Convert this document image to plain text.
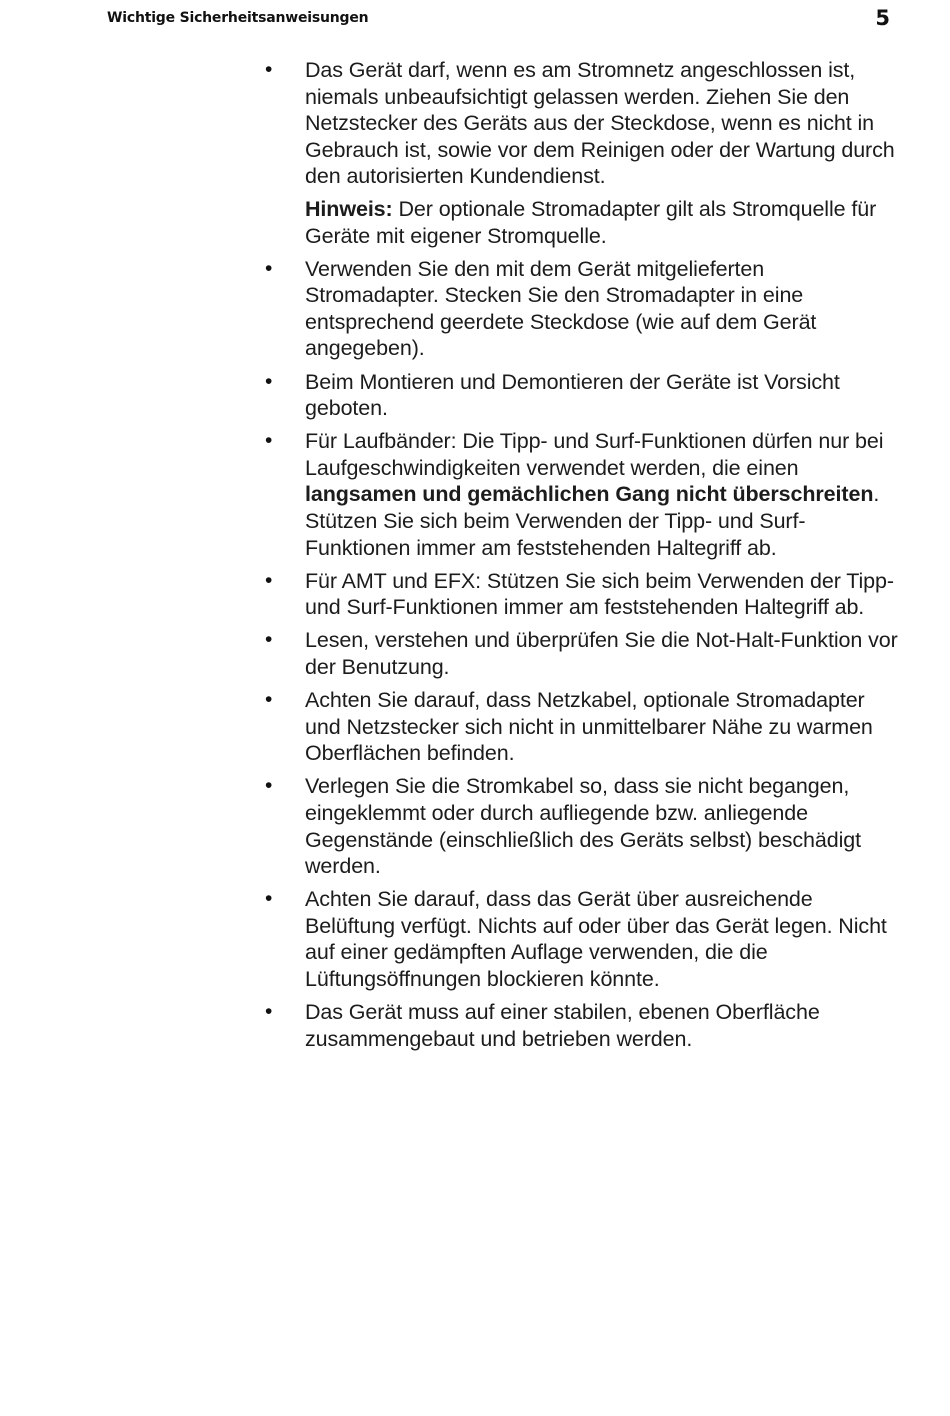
Wichtige Sicherheitsanweisungen	5
• Das Gerät darf, wenn es am Stromnetz angeschlossen ist, niemals unbeaufsichtigt gelassen werden. Ziehen Sie den Netzstecker des Geräts aus der Steckdose, wenn es nicht in Gebrauch ist, sowie vor dem Reinigen oder der Wartung durch den autorisierten Kundendienst.
Hinweis: Der optionale Stromadapter gilt als Stromquelle für Geräte mit eigener Stromquelle.
• Verwenden Sie den mit dem Gerät mitgelieferten Stromadapter. Stecken Sie den Stromadapter in eine entsprechend geerdete Steckdose (wie auf dem Gerät angegeben).
• Beim Montieren und Demontieren der Geräte ist Vorsicht geboten.
• Für Laufbänder: Die Tipp- und Surf-Funktionen dürfen nur bei Laufgeschwindigkeiten verwendet werden, die einen langsamen und gemächlichen Gang nicht überschreiten. Stützen Sie sich beim Verwenden der Tipp- und Surf-Funktionen immer am feststehenden Haltegriff ab.
• Für AMT und EFX: Stützen Sie sich beim Verwenden der Tipp- und Surf-Funktionen immer am feststehenden Haltegriff ab.
• Lesen, verstehen und überprüfen Sie die Not-Halt-Funktion vor der Benutzung.
• Achten Sie darauf, dass Netzkabel, optionale Stromadapter und Netzstecker sich nicht in unmittelbarer Nähe zu warmen Oberflächen befinden.
• Verlegen Sie die Stromkabel so, dass sie nicht begangen, eingeklemmt oder durch aufliegende bzw. anliegende Gegenstände (einschließlich des Geräts selbst) beschädigt werden.
• Achten Sie darauf, dass das Gerät über ausreichende Belüftung verfügt. Nichts auf oder über das Gerät legen. Nicht auf einer gedämpften Auflage verwenden, die die Lüftungsöffnungen blockieren könnte.
• Das Gerät muss auf einer stabilen, ebenen Oberfläche zusammengebaut und betrieben werden.
